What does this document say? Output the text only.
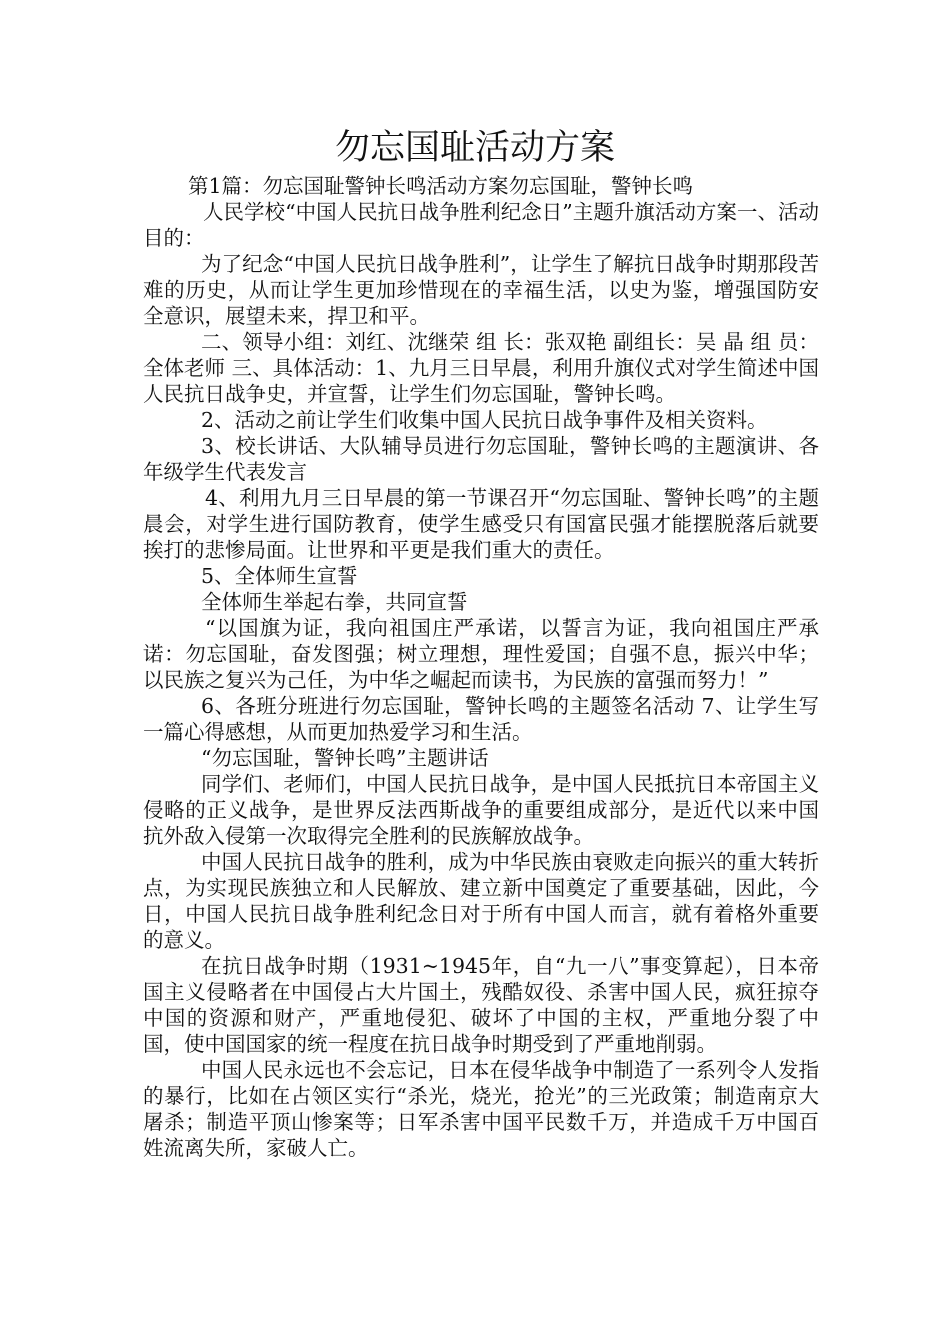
勿忘国耻活动方案

第1篇：勿忘国耻警钟长鸣活动方案勿忘国耻，警钟长鸣

人民学校“中国人民抗日战争胜利纪念日”主题升旗活动方案一、活动目的：

为了纪念“中国人民抗日战争胜利”，让学生了解抗日战争时期那段苦难的历史，从而让学生更加珍惜现在的幸福生活，以史为鉴，增强国防安全意识，展望未来，捍卫和平。

二、领导小组：刘红、沈继荣 组 长：张双艳 副组长：吴 晶 组 员：全体老师 三、具体活动：1、九月三日早晨，利用升旗仪式对学生简述中国人民抗日战争史，并宣誓，让学生们勿忘国耻，警钟长鸣。

2、活动之前让学生们收集中国人民抗日战争事件及相关资料。

3、校长讲话、大队辅导员进行勿忘国耻，警钟长鸣的主题演讲、各年级学生代表发言

4、利用九月三日早晨的第一节课召开“勿忘国耻、警钟长鸣”的主题晨会，对学生进行国防教育，使学生感受只有国富民强才能摆脱落后就要挨打的悲惨局面。让世界和平更是我们重大的责任。

5、全体师生宣誓

全体师生举起右拳，共同宣誓

“以国旗为证，我向祖国庄严承诺，以誓言为证，我向祖国庄严承诺：勿忘国耻，奋发图强；树立理想，理性爱国；自强不息，振兴中华；以民族之复兴为己任，为中华之崛起而读书，为民族的富强而努力！”

6、各班分班进行勿忘国耻，警钟长鸣的主题签名活动 7、让学生写一篇心得感想，从而更加热爱学习和生活。

“勿忘国耻，警钟长鸣”主题讲话

同学们、老师们，中国人民抗日战争，是中国人民抵抗日本帝国主义侵略的正义战争，是世界反法西斯战争的重要组成部分，是近代以来中国抗外敌入侵第一次取得完全胜利的民族解放战争。

中国人民抗日战争的胜利，成为中华民族由衰败走向振兴的重大转折点，为实现民族独立和人民解放、建立新中国奠定了重要基础，因此，今日，中国人民抗日战争胜利纪念日对于所有中国人而言，就有着格外重要的意义。

在抗日战争时期（1931~1945年，自“九一八”事变算起），日本帝国主义侵略者在中国侵占大片国土，残酷奴役、杀害中国人民，疯狂掠夺中国的资源和财产，严重地侵犯、破坏了中国的主权，严重地分裂了中国，使中国国家的统一程度在抗日战争时期受到了严重地削弱。

中国人民永远也不会忘记，日本在侵华战争中制造了一系列令人发指的暴行，比如在占领区实行“杀光，烧光，抢光”的三光政策；制造南京大屠杀；制造平顶山惨案等；日军杀害中国平民数千万，并造成千万中国百姓流离失所，家破人亡。
